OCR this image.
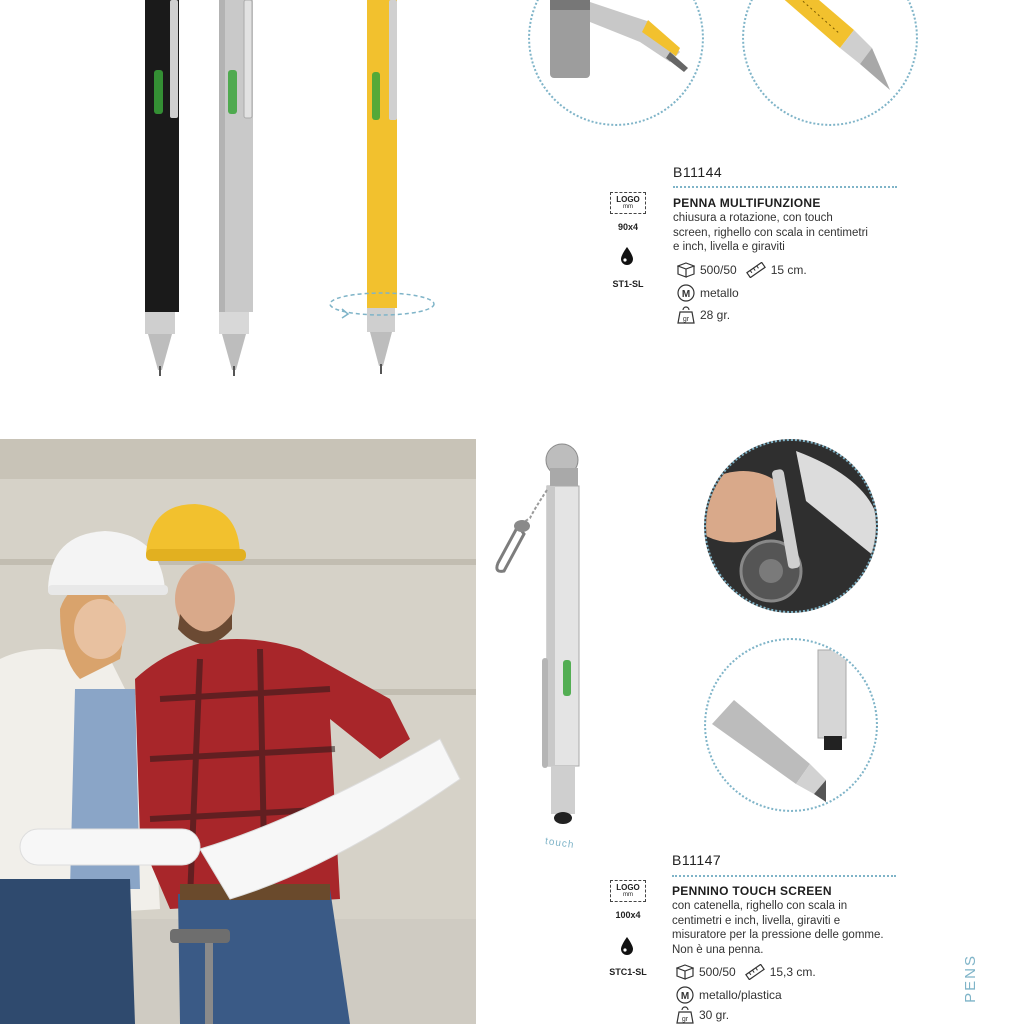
B11144
PENNA MULTIFUNZIONE
chiusura a rotazione, con touch screen, righello con scala in centimetri e inch, livella e giraviti
LOGO
mm
90x4
ST1-SL
500/50	15 cm.
M metallo
gr 28 gr.
touch
B11147
PENNINO TOUCH SCREEN
con catenella, righello con scala in centimetri e inch, livella, giraviti e misuratore per la pressione delle gomme. Non è una penna.
LOGO
mm
100x4
STC1-SL	500/50	15,3 cm.
M metallo/plastica
gr 30 gr.
PENS
